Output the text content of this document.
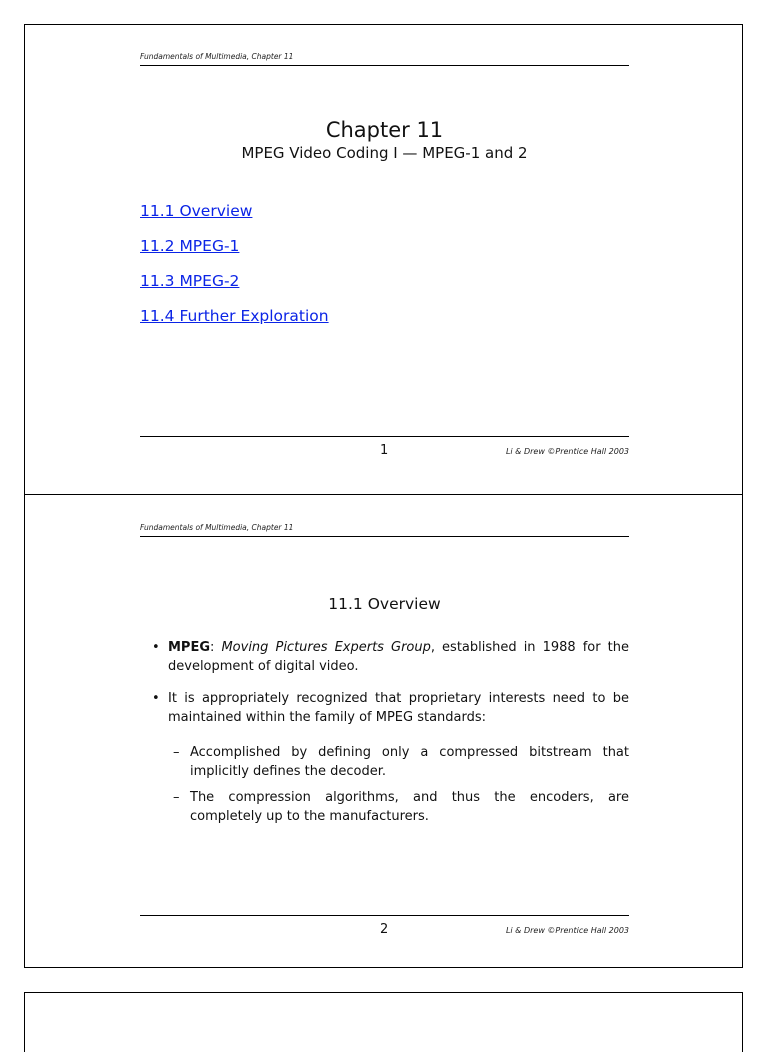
Fundamentals of Multimedia, Chapter 11
Chapter 11
MPEG Video Coding I — MPEG-1 and 2
11.1 Overview
11.2 MPEG-1
11.3 MPEG-2
11.4 Further Exploration
1	Li & Drew ©Prentice Hall 2003
Fundamentals of Multimedia, Chapter 11
11.1 Overview
• MPEG: Moving Pictures Experts Group, established in 1988 for the development of digital video.
• It is appropriately recognized that proprietary interests need to be maintained within the family of MPEG standards:
– Accomplished by defining only a compressed bitstream that implicitly defines the decoder.
– The compression algorithms, and thus the encoders, are completely up to the manufacturers.
2	Li & Drew ©Prentice Hall 2003
